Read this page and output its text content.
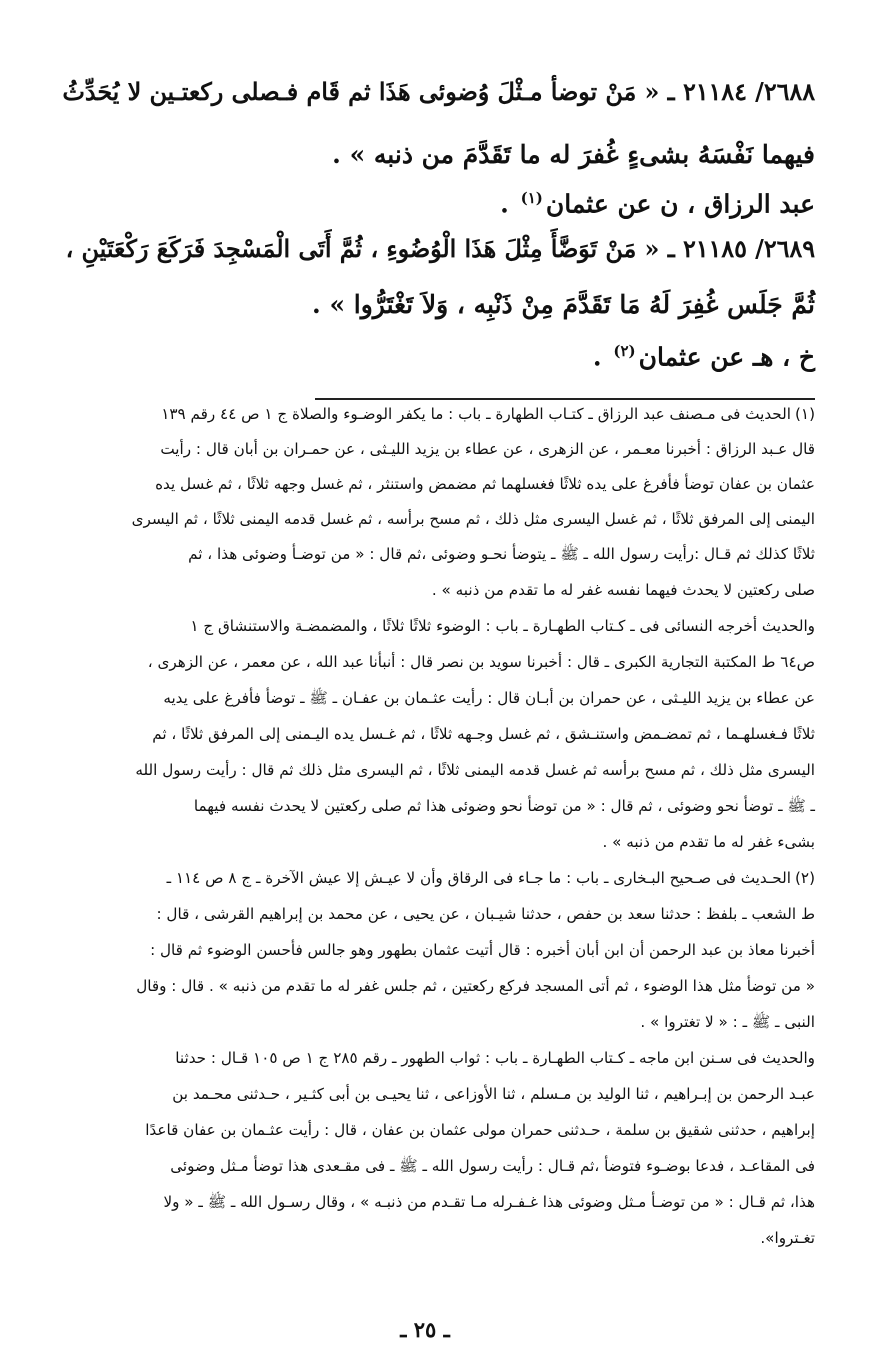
٢٦٨٨/ ٢١١٨٤ ـ « مَنْ توضأ مـثْلَ وُضوئى هَذَا ثم قَام فـصلى ركعتـين لا يُحَدِّثُ
فيهما نَفْسَهُ بشىءٍ غُفرَ له ما تَقَدَّمَ من ذنبه » .
عبد الرزاق ، ن عن عثمان$^{(١)}$ .
٢٦٨٩/ ٢١١٨٥ ـ « مَنْ تَوَضَّأَ مِثْلَ هَذَا الْوُضُوءِ ، ثُمَّ أَتَى الْمَسْجِدَ فَرَكَعَ رَكْعَتَيْنِ ،
ثُمَّ جَلَس غُفِرَ لَهُ مَا تَقَدَّمَ مِنْ ذَنْبِه ، وَلاَ تَغْتَرُّوا » .
خ ، هـ عن عثمان$^{(٢)}$ .
(١)الحديث فى مـصنف عبد الرزاق ـ كتـاب الطهارة ـ باب : ما يكفر الوضـوء والصلاة ج ١ ص ٤٤ رقم ١٣٩
قال عـبد الرزاق : أخبرنا معـمر ، عن الزهرى ، عن عطاء بن يزيد الليـثى ، عن حمـران بن أبان قال : رأيت
عثمان بن عفان توضأ فأفرغ على يده ثلاثًا فغسلهما ثم مضمض واستنثر ، ثم غسل وجهه ثلاثًا ، ثم غسل يده
اليمنى إلى المرفق ثلاثًا ، ثم غسل اليسرى مثل ذلك ، ثم مسح برأسه ، ثم غسل قدمه اليمنى ثلاثًا ، ثم اليسرى
ثلاثًا كذلك ثم قـال :رأيت رسول الله ـ ﷺ ـ يتوضأ نحـو وضوئى ،ثم قال : « من توضـأ وضوئى هذا ، ثم
صلى ركعتين لا يحدث فيهما نفسه غفر له ما تقدم من ذنبه » .
والحديث أخرجه النسائى فى ـ كـتاب الطهـارة ـ باب : الوضوء ثلاثًا ثلاثًا ، والمضمضـة والاستنشاق ج ١
ص٦٤ ط المكتبة التجارية الكبرى ـ قال : أخبرنا سويد بن نصر قال : أنبأنا عبد الله ، عن معمر ، عن الزهرى ،
عن عطاء بن يزيد الليـثى ، عن حمران بن أبـان قال : رأيت عثـمان بن عفـان ـ ﷺ ـ توضأ فأفرغ على يديه
ثلاثًا فـغسلهـما ، ثم تمضـمض واستنـشق ، ثم غسل وجـهه ثلاثًا ، ثم غـسل يده اليـمنى إلى المرفق ثلاثًا ، ثم
اليسرى مثل ذلك ، ثم مسح برأسه ثم غسل قدمه اليمنى ثلاثًا ، ثم اليسرى مثل ذلك ثم قال : رأيت رسول الله
ـ ﷺ ـ توضأ نحو وضوئى ، ثم قال : « من توضأ نحو وضوئى هذا ثم صلى ركعتين لا يحدث نفسه فيهما
بشىء غفر له ما تقدم من ذنبه » .
(٢)الحـديث فى صـحيح البـخارى ـ باب : ما جـاء فى الرقاق وأن لا عيـش إلا عيش الآخرة ـ ج ٨ ص ١١٤ ـ
ط الشعب ـ بلفظ : حدثنا سعد بن حفص ، حدثنا شيـبان ، عن يحيى ، عن محمد بن إبراهيم القرشى ، قال :
أخبرنا معاذ بن عبد الرحمن أن ابن أبان أخبره : قال أتيت عثمان بطهور وهو جالس فأحسن الوضوء ثم قال :
« من توضأ مثل هذا الوضوء ، ثم أتى المسجد فركع ركعتين ، ثم جلس غفر له ما تقدم من ذنبه » . قال : وقال
النبى ـ ﷺ ـ : « لا تغتروا » .
والحديث فى سـنن ابن ماجه ـ كـتاب الطهـارة ـ باب : ثواب الطهور ـ رقم ٢٨٥ ج ١ ص ١٠٥ قـال : حدثنا
عبـد الرحمن بن إبـراهيم ، ثنا الوليد بن مـسلم ، ثنا الأوزاعى ، ثنا يحيـى بن أبى كثـير ، حـدثنى محـمد بن
إبراهيم ، حدثنى شقيق بن سلمة ، حـدثنى حمران مولى عثمان بن عفان ، قال : رأيت عثـمان بن عفان قاعدًا
فى المقاعـد ، فدعا بوضـوء فتوضأ ،ثم قـال : رأيت رسول الله ـ ﷺ ـ فى مقـعدى هذا توضأ مـثل وضوئى
هذا، ثم قـال : « من توضـأ مـثل وضوئى هذا غـفـرله مـا تقـدم من ذنبـه » ، وقال رسـول الله ـ ﷺ ـ « ولا
تغـتروا».
ـ ٢٥ ـ
